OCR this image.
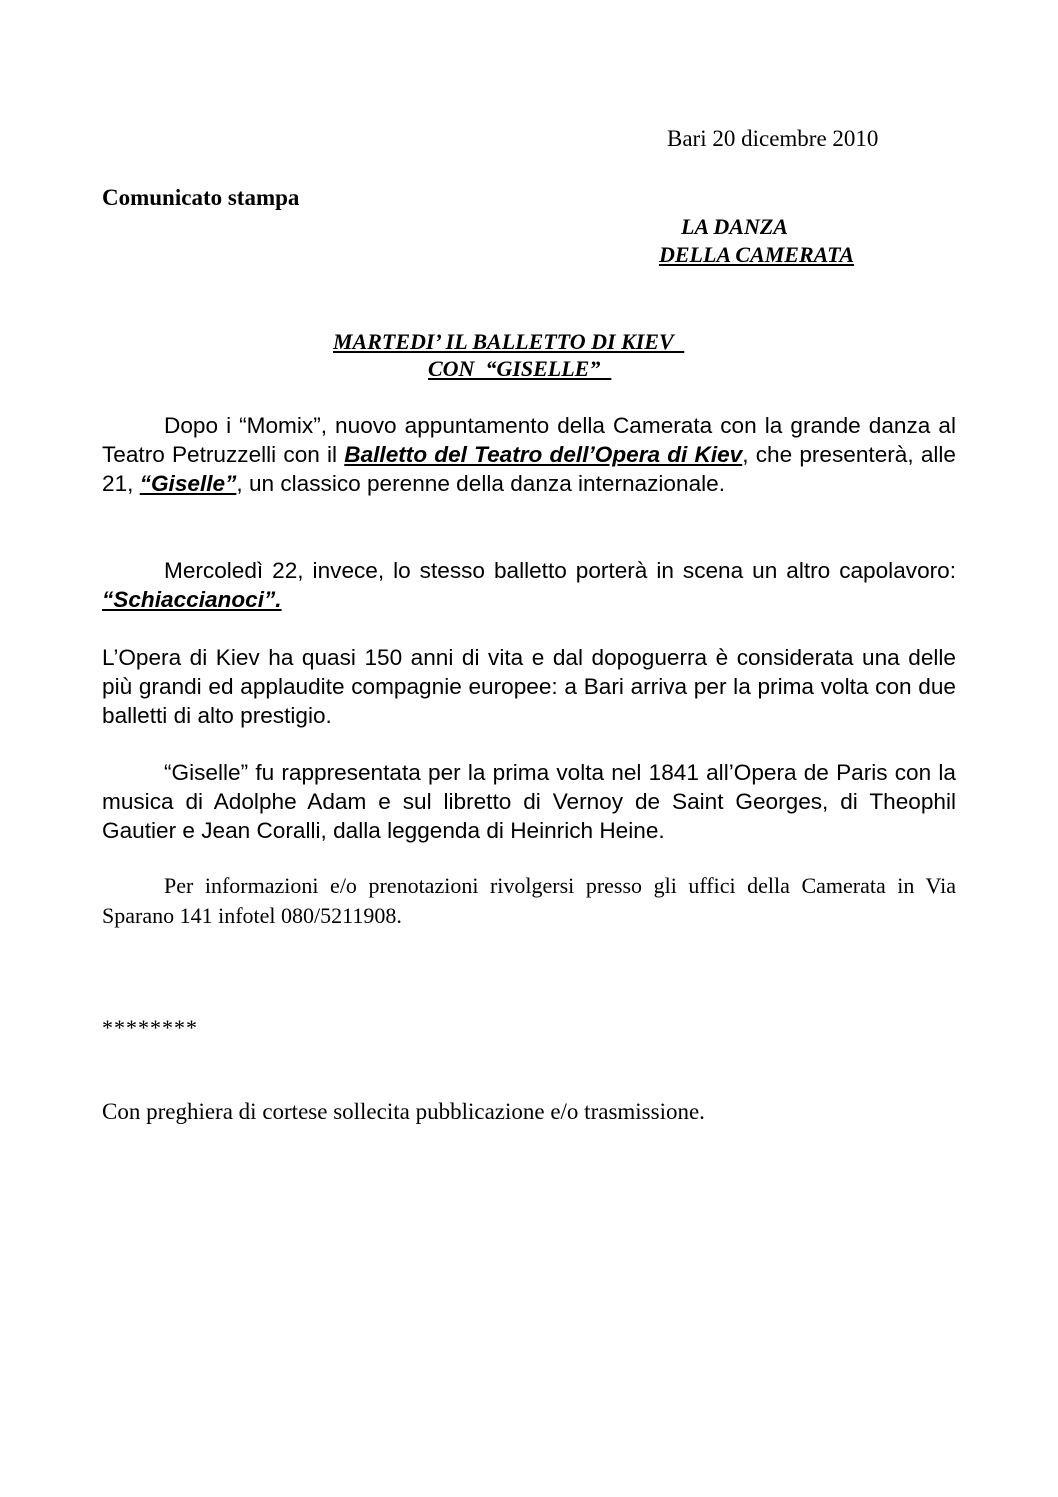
Bari 20 dicembre 2010
Comunicato stampa
LA DANZA
DELLA CAMERATA
MARTEDI’ IL BALLETTO DI KIEV
CON  “GISELLE”
Dopo i “Momix”, nuovo appuntamento della Camerata con la grande danza al Teatro Petruzzelli con il Balletto del Teatro dell’Opera di Kiev, che presenterà, alle 21, “Giselle”, un classico perenne della danza internazionale.
Mercoledì 22, invece, lo stesso balletto porterà in scena un altro capolavoro: “Schiaccianoci”.
L’Opera di Kiev ha quasi 150 anni di vita e dal dopoguerra è considerata una delle più grandi ed applaudite compagnie europee: a Bari arriva per la prima volta con due balletti di alto prestigio.
“Giselle” fu rappresentata per la prima volta nel 1841 all’Opera de Paris con la musica di Adolphe Adam e sul libretto di Vernoy de Saint Georges, di Theophil Gautier e Jean Coralli, dalla leggenda di Heinrich Heine.
Per informazioni e/o prenotazioni rivolgersi presso gli uffici della Camerata in Via Sparano 141 infotel 080/5211908.
********
Con preghiera di cortese sollecita pubblicazione e/o trasmissione.
